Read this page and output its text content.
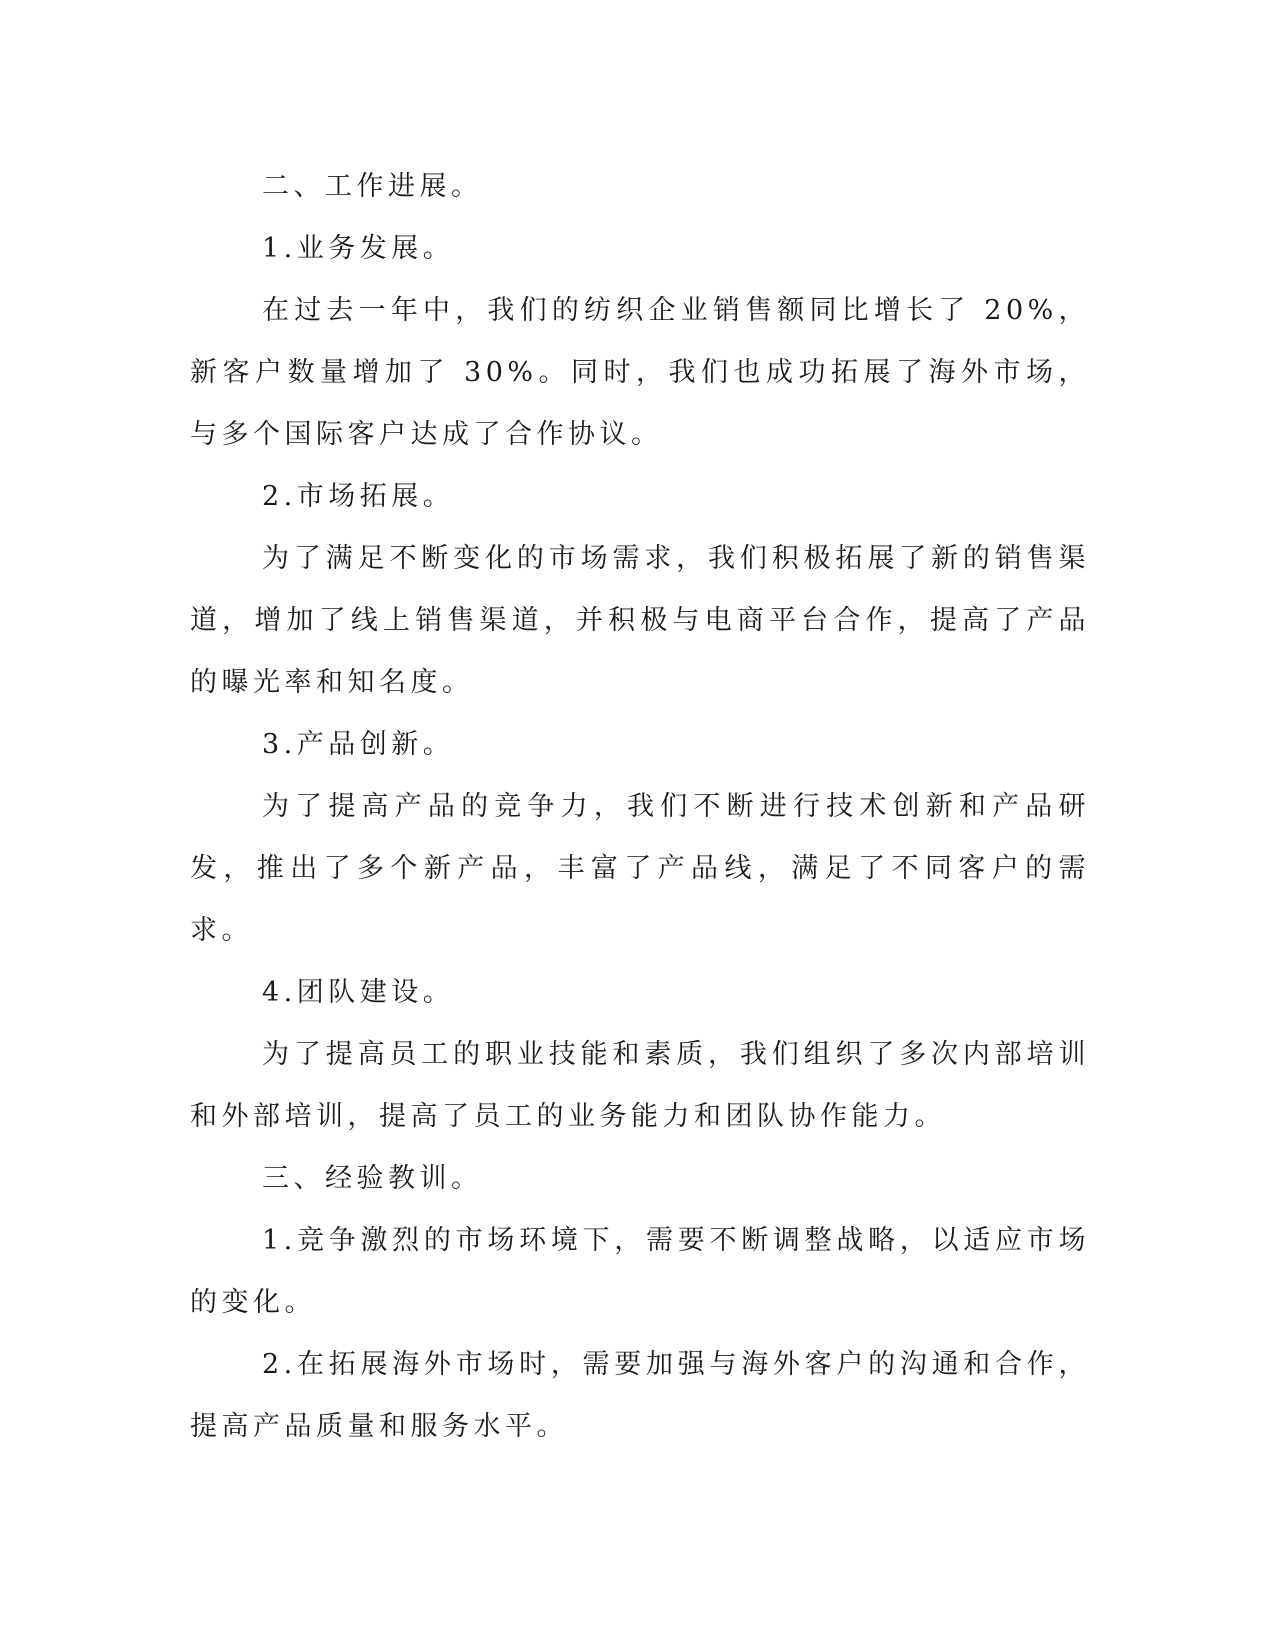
二、工作进展。

1.业务发展。

在过去一年中，我们的纺织企业销售额同比增长了 20%，新客户数量增加了 30%。同时，我们也成功拓展了海外市场，与多个国际客户达成了合作协议。

2.市场拓展。

为了满足不断变化的市场需求，我们积极拓展了新的销售渠道，增加了线上销售渠道，并积极与电商平台合作，提高了产品的曝光率和知名度。

3.产品创新。

为了提高产品的竞争力，我们不断进行技术创新和产品研发，推出了多个新产品，丰富了产品线，满足了不同客户的需求。

4.团队建设。

为了提高员工的职业技能和素质，我们组织了多次内部培训和外部培训，提高了员工的业务能力和团队协作能力。

三、经验教训。

1.竞争激烈的市场环境下，需要不断调整战略，以适应市场的变化。

2.在拓展海外市场时，需要加强与海外客户的沟通和合作，提高产品质量和服务水平。
